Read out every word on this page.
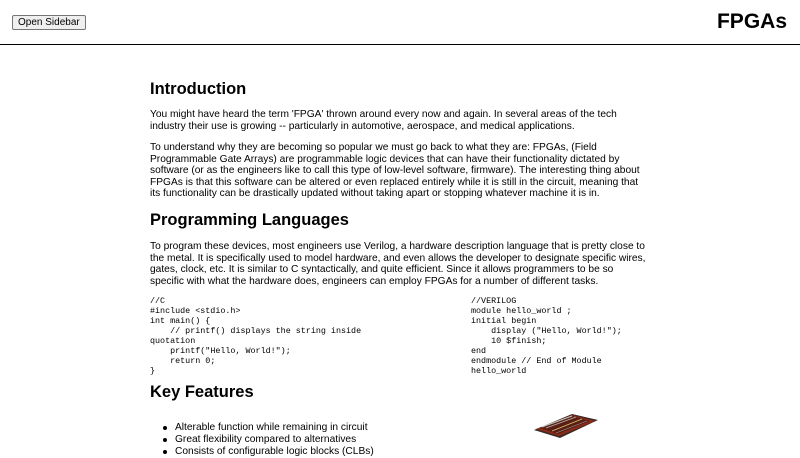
Open Sidebar	FPGAs
Introduction

You might have heard the term 'FPGA' thrown around every now and again. In several areas of the tech industry their use is growing -- particularly in automotive, aerospace, and medical applications.

To understand why they are becoming so popular we must go back to what they are: FPGAs, (Field Programmable Gate Arrays) are programmable logic devices that can have their functionality dictated by software (or as the engineers like to call this type of low-level software, firmware). The interesting thing about FPGAs is that this software can be altered or even replaced entirely while it is still in the circuit, meaning that its functionality can be drastically updated without taking apart or stopping whatever machine it is in.

Programming Languages

To program these devices, most engineers use Verilog, a hardware description language that is pretty close to the metal. It is specifically used to model hardware, and even allows the developer to designate specific wires, gates, clock, etc. It is similar to C syntactically, and quite efficient. Since it allows programmers to be so specific with what the hardware does, engineers can employ FPGAs for a number of different tasks.

//C
#include <stdio.h>
int main() {
// printf() displays the string inside quotation
printf("Hello, World!");
return 0;
}
//VERILOG
module hello_world ;
initial begin
display ("Hello, World!");
10 $finish;
end
endmodule // End of Module hello_world
Key Features
Alterable function while remaining in circuit
Great flexibility compared to alternatives
Consists of configurable logic blocks (CLBs)
